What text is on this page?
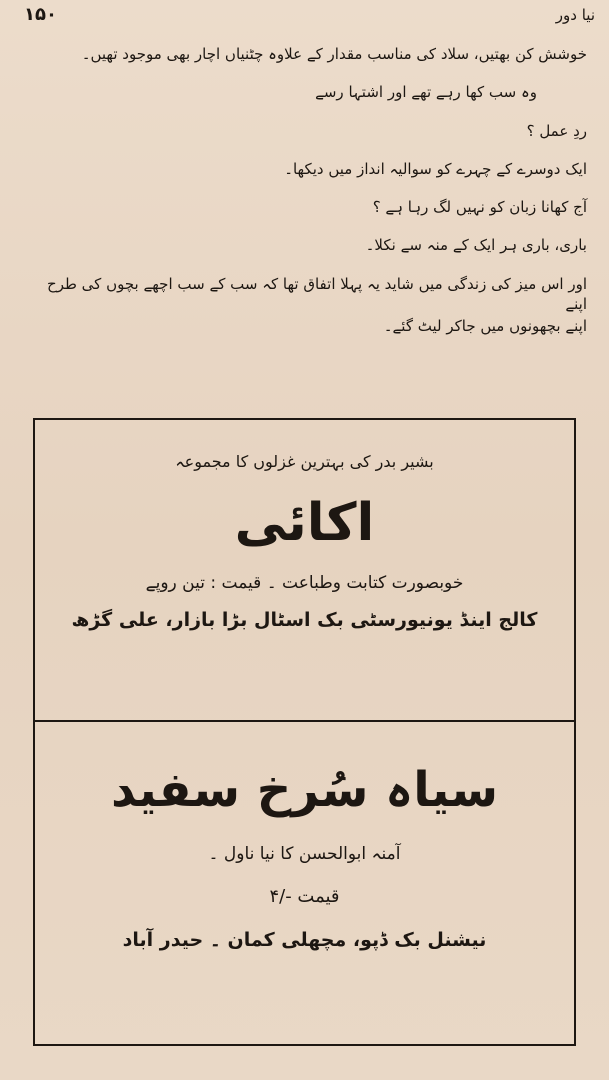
۱۵۰	نیا دور
خوشش کن بھتیں، سلاد کی مناسب مقدار کے علاوہ چٹنیاں اچار بھی موجود تھیں۔
وہ سب کھا رہے تھے اور اشتہا رسے
ردِ عمل ؟
ایک دوسرے کے چہرے کو سوالیہ انداز میں دیکھا۔
آج کھانا زبان کو نہیں لگ رہا ہے ؟
باری، باری ہر ایک کے منہ سے نکلا۔
اور اس میز کی زندگی میں شاید یہ پہلا اتفاق تھا کہ سب کے سب اچھے بچوں کی طرح اپنے
اپنے بچھونوں میں جاکر لیٹ گئے۔
بشیر بدر کی بہترین غزلوں کا مجموعہ
اکائی
خوبصورت کتابت وطباعت ۔ قیمت : تین روپے
کالج اینڈ یونیورسٹی بک اسٹال بڑا بازار، علی گڑھ
سیاہ سُرخ سفید
آمنہ ابوالحسن کا نیا ناول ۔
قیمت -/۴
نیشنل بک ڈپو، مچھلی کمان ۔ حیدر آباد
